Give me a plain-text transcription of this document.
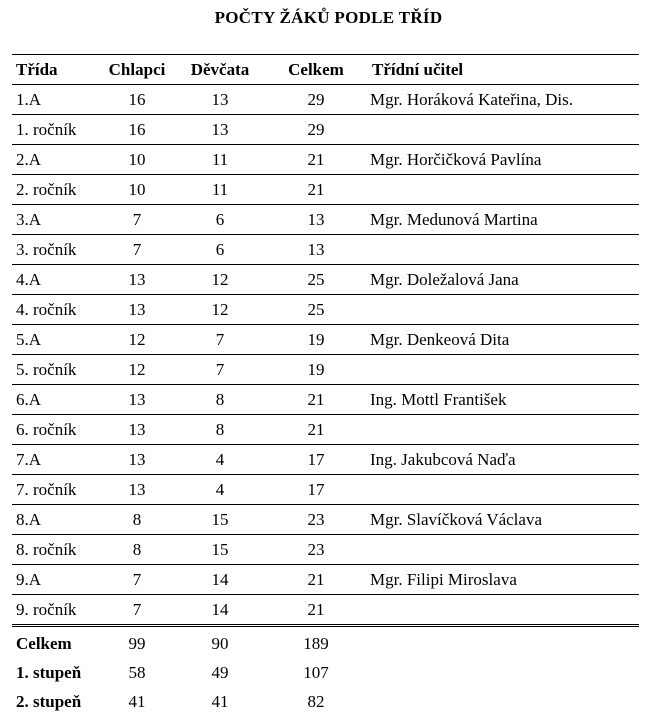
POČTY ŽÁKŮ PODLE TŘÍD
Třída	Chlapci	Děvčata	Celkem	Třídní učitel
1.A	16	13	29	Mgr. Horáková Kateřina, Dis.
1. ročník	16	13	29	
2.A	10	11	21	Mgr. Horčičková Pavlína
2. ročník	10	11	21	
3.A	7	6	13	Mgr. Medunová Martina
3. ročník	7	6	13	
4.A	13	12	25	Mgr. Doležalová Jana
4. ročník	13	12	25	
5.A	12	7	19	Mgr. Denkeová Dita
5. ročník	12	7	19	
6.A	13	8	21	Ing. Mottl František
6. ročník	13	8	21	
7.A	13	4	17	Ing. Jakubcová Naďa
7. ročník	13	4	17	
8.A	8	15	23	Mgr. Slavíčková Václava
8. ročník	8	15	23	
9.A	7	14	21	Mgr. Filipi Miroslava
9. ročník	7	14	21	
Celkem	99	90	189	
1. stupeň	58	49	107	
2. stupeň	41	41	82	
